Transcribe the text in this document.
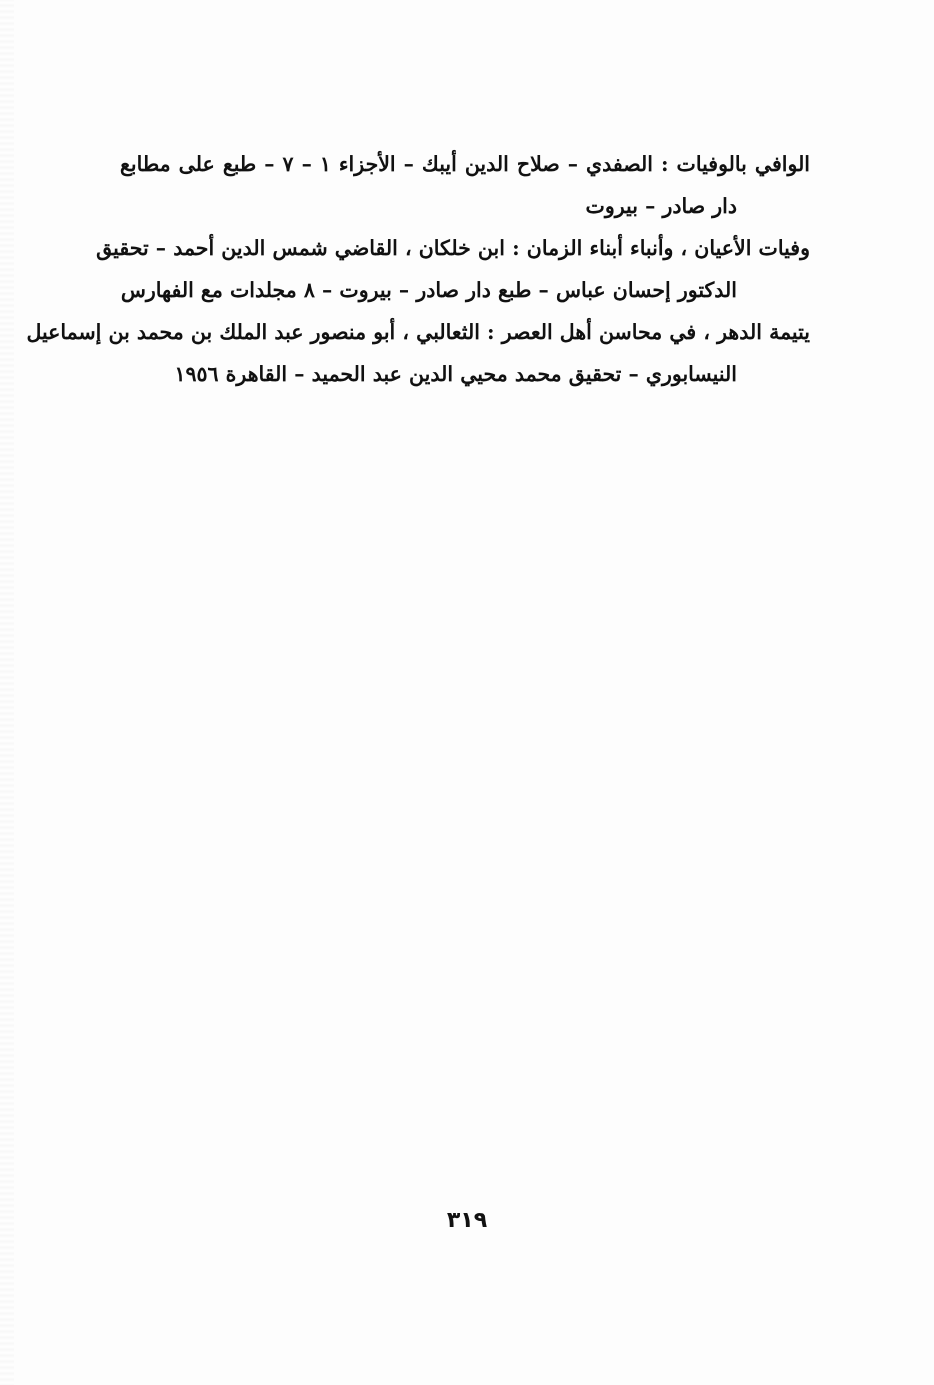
الوافي بالوفيات : الصفدي – صلاح الدين أيبك – الأجزاء ١ – ٧ – طبع على مطابع
دار صادر – بيروت

وفيات الأعيان ، وأنباء أبناء الزمان : ابن خلكان ، القاضي شمس الدين أحمد – تحقيق
الدكتور إحسان عباس – طبع دار صادر – بيروت – ٨ مجلدات مع الفهارس

يتيمة الدهر ، في محاسن أهل العصر : الثعالبي ، أبو منصور عبد الملك بن محمد بن إسماعيل
النيسابوري – تحقيق محمد محيي الدين عبد الحميد – القاهرة ١٩٥٦

٣١٩
